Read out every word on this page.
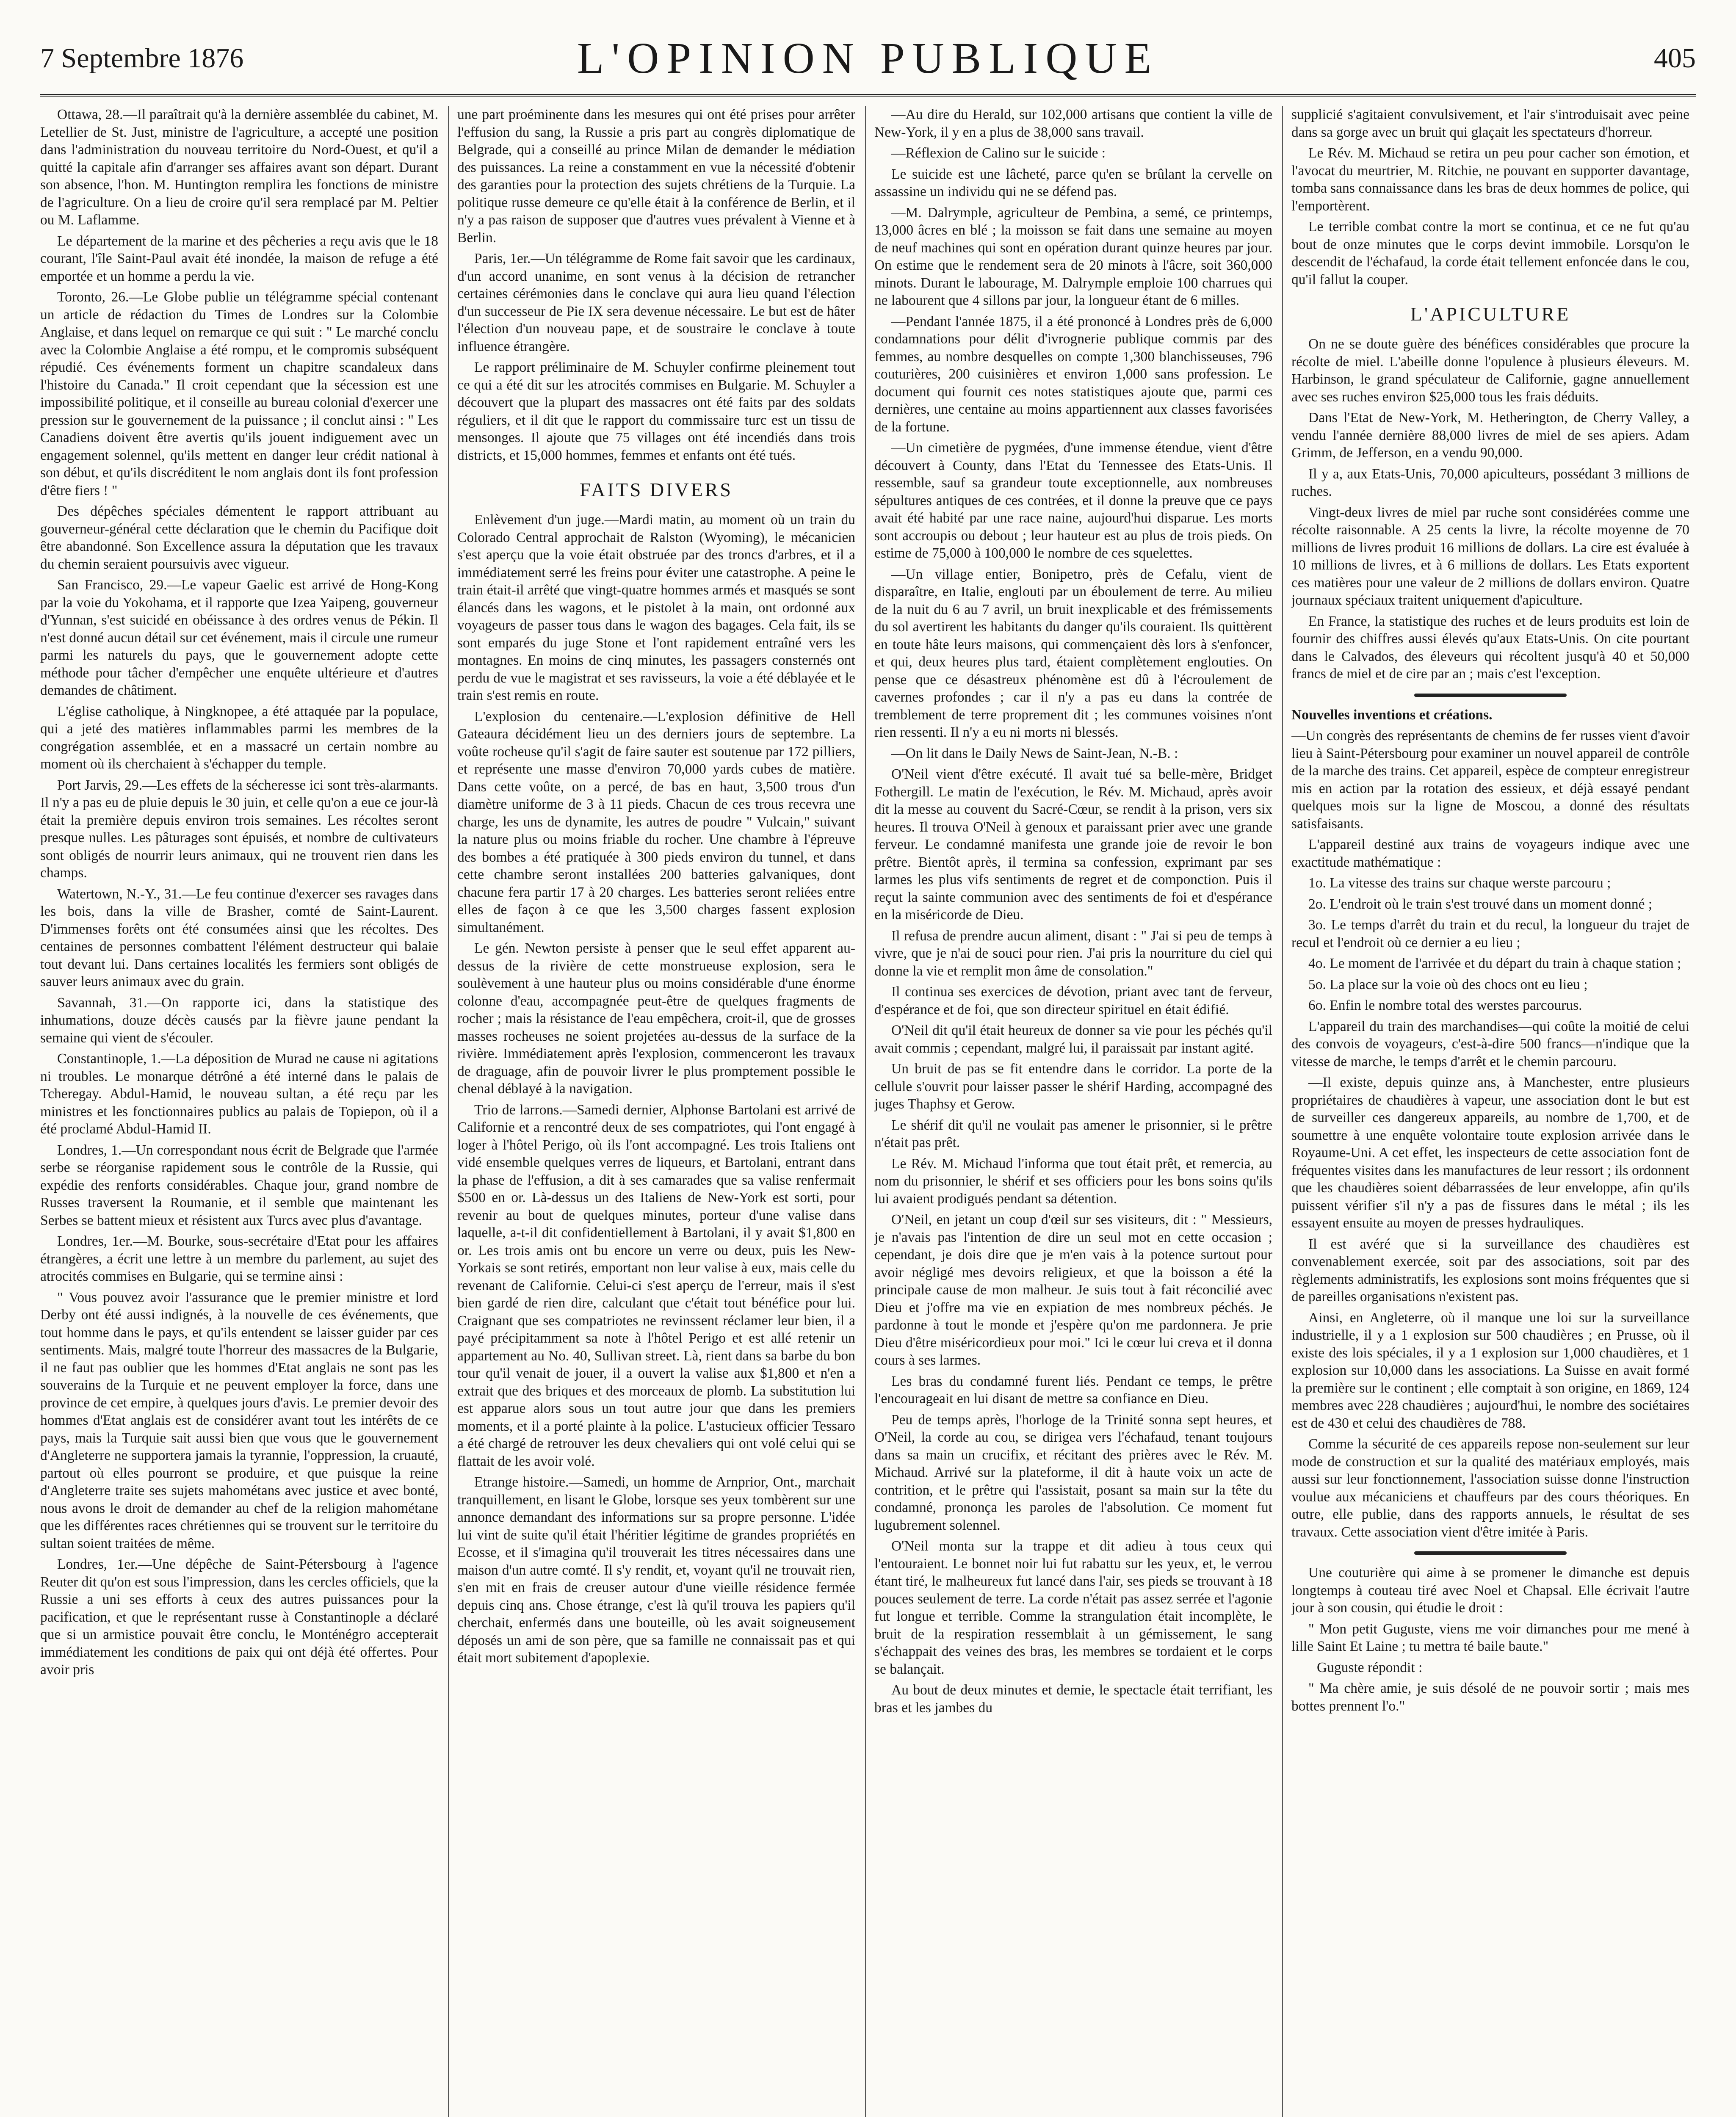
7 Septembre 1876	L'OPINION PUBLIQUE	405

Ottawa, 28.—Il paraîtrait qu'à la dernière assemblée du cabinet, M. Letellier de St. Just, ministre de l'agriculture, a accepté une position dans l'administration du nouveau territoire du Nord-Ouest, et qu'il a quitté la capitale afin d'arranger ses affaires avant son départ. Durant son absence, l'hon. M. Huntington remplira les fonctions de ministre de l'agriculture. On a lieu de croire qu'il sera remplacé par M. Peltier ou M. Laflamme.

Le département de la marine et des pêcheries a reçu avis que le 18 courant, l'île Saint-Paul avait été inondée, la maison de refuge a été emportée et un homme a perdu la vie.

Toronto, 26.—Le Globe publie un télégramme spécial contenant un article de rédaction du Times de Londres sur la Colombie Anglaise, et dans lequel on remarque ce qui suit : " Le marché conclu avec la Colombie Anglaise a été rompu, et le compromis subséquent répudié. Ces événements forment un chapitre scandaleux dans l'histoire du Canada." Il croit cependant que la sécession est une impossibilité politique, et il conseille au bureau colonial d'exercer une pression sur le gouvernement de la puissance ; il conclut ainsi : " Les Canadiens doivent être avertis qu'ils jouent indiguement avec un engagement solennel, qu'ils mettent en danger leur crédit national à son début, et qu'ils discréditent le nom anglais dont ils font profession d'être fiers ! "

Des dépêches spéciales démentent le rapport attribuant au gouverneur-général cette déclaration que le chemin du Pacifique doit être abandonné. Son Excellence assura la députation que les travaux du chemin seraient poursuivis avec vigueur.

San Francisco, 29.—Le vapeur Gaelic est arrivé de Hong-Kong par la voie du Yokohama, et il rapporte que Izea Yaipeng, gouverneur d'Yunnan, s'est suicidé en obéissance à des ordres venus de Pékin. Il n'est donné aucun détail sur cet événement, mais il circule une rumeur parmi les naturels du pays, que le gouvernement adopte cette méthode pour tâcher d'empêcher une enquête ultérieure et d'autres demandes de châtiment.

L'église catholique, à Ningknopee, a été attaquée par la populace, qui a jeté des matières inflammables parmi les membres de la congrégation assemblée, et en a massacré un certain nombre au moment où ils cherchaient à s'échapper du temple.

Port Jarvis, 29.—Les effets de la sécheresse ici sont très-alarmants. Il n'y a pas eu de pluie depuis le 30 juin, et celle qu'on a eue ce jour-là était la première depuis environ trois semaines. Les récoltes seront presque nulles. Les pâturages sont épuisés, et nombre de cultivateurs sont obligés de nourrir leurs animaux, qui ne trouvent rien dans les champs.

Watertown, N.-Y., 31.—Le feu continue d'exercer ses ravages dans les bois, dans la ville de Brasher, comté de Saint-Laurent. D'immenses forêts ont été consumées ainsi que les récoltes. Des centaines de personnes combattent l'élément destructeur qui balaie tout devant lui. Dans certaines localités les fermiers sont obligés de sauver leurs animaux avec du grain.

Savannah, 31.—On rapporte ici, dans la statistique des inhumations, douze décès causés par la fièvre jaune pendant la semaine qui vient de s'écouler.

Constantinople, 1.—La déposition de Murad ne cause ni agitations ni troubles. Le monarque détrôné a été interné dans le palais de Tcheregay. Abdul-Hamid, le nouveau sultan, a été reçu par les ministres et les fonctionnaires publics au palais de Topiepon, où il a été proclamé Abdul-Hamid II.

Londres, 1.—Un correspondant nous écrit de Belgrade que l'armée serbe se réorganise rapidement sous le contrôle de la Russie, qui expédie des renforts considérables. Chaque jour, grand nombre de Russes traversent la Roumanie, et il semble que maintenant les Serbes se battent mieux et résistent aux Turcs avec plus d'avantage.

Londres, 1er.—M. Bourke, sous-secrétaire d'Etat pour les affaires étrangères, a écrit une lettre à un membre du parlement, au sujet des atrocités commises en Bulgarie, qui se termine ainsi :

" Vous pouvez avoir l'assurance que le premier ministre et lord Derby ont été aussi indignés, à la nouvelle de ces événements, que tout homme dans le pays, et qu'ils entendent se laisser guider par ces sentiments. Mais, malgré toute l'horreur des massacres de la Bulgarie, il ne faut pas oublier que les hommes d'Etat anglais ne sont pas les souverains de la Turquie et ne peuvent employer la force, dans une province de cet empire, à quelques jours d'avis. Le premier devoir des hommes d'Etat anglais est de considérer avant tout les intérêts de ce pays, mais la Turquie sait aussi bien que vous que le gouvernement d'Angleterre ne supportera jamais la tyrannie, l'oppression, la cruauté, partout où elles pourront se produire, et que puisque la reine d'Angleterre traite ses sujets mahométans avec justice et avec bonté, nous avons le droit de demander au chef de la religion mahométane que les différentes races chrétiennes qui se trouvent sur le territoire du sultan soient traitées de même.

Londres, 1er.—Une dépêche de Saint-Pétersbourg à l'agence Reuter dit qu'on est sous l'impression, dans les cercles officiels, que la Russie a uni ses efforts à ceux des autres puissances pour la pacification, et que le représentant russe à Constantinople a déclaré que si un armistice pouvait être conclu, le Monténégro accepterait immédiatement les conditions de paix qui ont déjà été offertes. Pour avoir pris

une part proéminente dans les mesures qui ont été prises pour arrêter l'effusion du sang, la Russie a pris part au congrès diplomatique de Belgrade, qui a conseillé au prince Milan de demander le médiation des puissances. La reine a constamment en vue la nécessité d'obtenir des garanties pour la protection des sujets chrétiens de la Turquie. La politique russe demeure ce qu'elle était à la conférence de Berlin, et il n'y a pas raison de supposer que d'autres vues prévalent à Vienne et à Berlin.

Paris, 1er.—Un télégramme de Rome fait savoir que les cardinaux, d'un accord unanime, en sont venus à la décision de retrancher certaines cérémonies dans le conclave qui aura lieu quand l'élection d'un successeur de Pie IX sera devenue nécessaire. Le but est de hâter l'élection d'un nouveau pape, et de soustraire le conclave à toute influence étrangère.

Le rapport préliminaire de M. Schuyler confirme pleinement tout ce qui a été dit sur les atrocités commises en Bulgarie. M. Schuyler a découvert que la plupart des massacres ont été faits par des soldats réguliers, et il dit que le rapport du commissaire turc est un tissu de mensonges. Il ajoute que 75 villages ont été incendiés dans trois districts, et 15,000 hommes, femmes et enfants ont été tués.

FAITS DIVERS

Enlèvement d'un juge.—Mardi matin, au moment où un train du Colorado Central approchait de Ralston (Wyoming), le mécanicien s'est aperçu que la voie était obstruée par des troncs d'arbres, et il a immédiatement serré les freins pour éviter une catastrophe. A peine le train était-il arrêté que vingt-quatre hommes armés et masqués se sont élancés dans les wagons, et le pistolet à la main, ont ordonné aux voyageurs de passer tous dans le wagon des bagages. Cela fait, ils se sont emparés du juge Stone et l'ont rapidement entraîné vers les montagnes. En moins de cinq minutes, les passagers consternés ont perdu de vue le magistrat et ses ravisseurs, la voie a été déblayée et le train s'est remis en route.

L'explosion du centenaire.—L'explosion définitive de Hell Gateaura décidément lieu un des derniers jours de septembre. La voûte rocheuse qu'il s'agit de faire sauter est soutenue par 172 pilliers, et représente une masse d'environ 70,000 yards cubes de matière. Dans cette voûte, on a percé, de bas en haut, 3,500 trous d'un diamètre uniforme de 3 à 11 pieds. Chacun de ces trous recevra une charge, les uns de dynamite, les autres de poudre " Vulcain," suivant la nature plus ou moins friable du rocher. Une chambre à l'épreuve des bombes a été pratiquée à 300 pieds environ du tunnel, et dans cette chambre seront installées 200 batteries galvaniques, dont chacune fera partir 17 à 20 charges. Les batteries seront reliées entre elles de façon à ce que les 3,500 charges fassent explosion simultanément.

Le gén. Newton persiste à penser que le seul effet apparent au-dessus de la rivière de cette monstrueuse explosion, sera le soulèvement à une hauteur plus ou moins considérable d'une énorme colonne d'eau, accompagnée peut-être de quelques fragments de rocher ; mais la résistance de l'eau empêchera, croit-il, que de grosses masses rocheuses ne soient projetées au-dessus de la surface de la rivière. Immédiatement après l'explosion, commenceront les travaux de draguage, afin de pouvoir livrer le plus promptement possible le chenal déblayé à la navigation.

Trio de larrons.—Samedi dernier, Alphonse Bartolani est arrivé de Californie et a rencontré deux de ses compatriotes, qui l'ont engagé à loger à l'hôtel Perigo, où ils l'ont accompagné. Les trois Italiens ont vidé ensemble quelques verres de liqueurs, et Bartolani, entrant dans la phase de l'effusion, a dit à ses camarades que sa valise renfermait $500 en or. Là-dessus un des Italiens de New-York est sorti, pour revenir au bout de quelques minutes, porteur d'une valise dans laquelle, a-t-il dit confidentiellement à Bartolani, il y avait $1,800 en or. Les trois amis ont bu encore un verre ou deux, puis les New-Yorkais se sont retirés, emportant non leur valise à eux, mais celle du revenant de Californie. Celui-ci s'est aperçu de l'erreur, mais il s'est bien gardé de rien dire, calculant que c'était tout bénéfice pour lui. Craignant que ses compatriotes ne revinssent réclamer leur bien, il a payé précipitamment sa note à l'hôtel Perigo et est allé retenir un appartement au No. 40, Sullivan street. Là, rient dans sa barbe du bon tour qu'il venait de jouer, il a ouvert la valise aux $1,800 et n'en a extrait que des briques et des morceaux de plomb. La substitution lui est apparue alors sous un tout autre jour que dans les premiers moments, et il a porté plainte à la police. L'astucieux officier Tessaro a été chargé de retrouver les deux chevaliers qui ont volé celui qui se flattait de les avoir volé.

Etrange histoire.—Samedi, un homme de Arnprior, Ont., marchait tranquillement, en lisant le Globe, lorsque ses yeux tombèrent sur une annonce demandant des informations sur sa propre personne. L'idée lui vint de suite qu'il était l'héritier légitime de grandes propriétés en Ecosse, et il s'imagina qu'il trouverait les titres nécessaires dans une maison d'un autre comté. Il s'y rendit, et, voyant qu'il ne trouvait rien, s'en mit en frais de creuser autour d'une vieille résidence fermée depuis cinq ans. Chose étrange, c'est là qu'il trouva les papiers qu'il cherchait, enfermés dans une bouteille, où les avait soigneusement déposés un ami de son père, que sa famille ne connaissait pas et qui était mort subitement d'apoplexie.

—Au dire du Herald, sur 102,000 artisans que contient la ville de New-York, il y en a plus de 38,000 sans travail.

—Réflexion de Calino sur le suicide :

Le suicide est une lâcheté, parce qu'en se brûlant la cervelle on assassine un individu qui ne se défend pas.

—M. Dalrymple, agriculteur de Pembina, a semé, ce printemps, 13,000 âcres en blé ; la moisson se fait dans une semaine au moyen de neuf machines qui sont en opération durant quinze heures par jour. On estime que le rendement sera de 20 minots à l'âcre, soit 360,000 minots. Durant le labourage, M. Dalrymple emploie 100 charrues qui ne labourent que 4 sillons par jour, la longueur étant de 6 milles.

—Pendant l'année 1875, il a été prononcé à Londres près de 6,000 condamnations pour délit d'ivrognerie publique commis par des femmes, au nombre desquelles on compte 1,300 blanchisseuses, 796 couturières, 200 cuisinières et environ 1,000 sans profession. Le document qui fournit ces notes statistiques ajoute que, parmi ces dernières, une centaine au moins appartiennent aux classes favorisées de la fortune.

—Un cimetière de pygmées, d'une immense étendue, vient d'être découvert à County, dans l'Etat du Tennessee des Etats-Unis. Il ressemble, sauf sa grandeur toute exceptionnelle, aux nombreuses sépultures antiques de ces contrées, et il donne la preuve que ce pays avait été habité par une race naine, aujourd'hui disparue. Les morts sont accroupis ou debout ; leur hauteur est au plus de trois pieds. On estime de 75,000 à 100,000 le nombre de ces squelettes.

—Un village entier, Bonipetro, près de Cefalu, vient de disparaître, en Italie, englouti par un éboulement de terre. Au milieu de la nuit du 6 au 7 avril, un bruit inexplicable et des frémissements du sol avertirent les habitants du danger qu'ils couraient. Ils quittèrent en toute hâte leurs maisons, qui commençaient dès lors à s'enfoncer, et qui, deux heures plus tard, étaient complètement englouties. On pense que ce désastreux phénomène est dû à l'écroulement de cavernes profondes ; car il n'y a pas eu dans la contrée de tremblement de terre proprement dit ; les communes voisines n'ont rien ressenti. Il n'y a eu ni morts ni blessés.

—On lit dans le Daily News de Saint-Jean, N.-B. :

O'Neil vient d'être exécuté. Il avait tué sa belle-mère, Bridget Fothergill. Le matin de l'exécution, le Rév. M. Michaud, après avoir dit la messe au couvent du Sacré-Cœur, se rendit à la prison, vers six heures. Il trouva O'Neil à genoux et paraissant prier avec une grande ferveur. Le condamné manifesta une grande joie de revoir le bon prêtre. Bientôt après, il termina sa confession, exprimant par ses larmes les plus vifs sentiments de regret et de componction. Puis il reçut la sainte communion avec des sentiments de foi et d'espérance en la miséricorde de Dieu.

Il refusa de prendre aucun aliment, disant : " J'ai si peu de temps à vivre, que je n'ai de souci pour rien. J'ai pris la nourriture du ciel qui donne la vie et remplit mon âme de consolation."

Il continua ses exercices de dévotion, priant avec tant de ferveur, d'espérance et de foi, que son directeur spirituel en était édifié.

O'Neil dit qu'il était heureux de donner sa vie pour les péchés qu'il avait commis ; cependant, malgré lui, il paraissait par instant agité.

Un bruit de pas se fit entendre dans le corridor. La porte de la cellule s'ouvrit pour laisser passer le shérif Harding, accompagné des juges Thaphsy et Gerow.

Le shérif dit qu'il ne voulait pas amener le prisonnier, si le prêtre n'était pas prêt.

Le Rév. M. Michaud l'informa que tout était prêt, et remercia, au nom du prisonnier, le shérif et ses officiers pour les bons soins qu'ils lui avaient prodigués pendant sa détention.

O'Neil, en jetant un coup d'œil sur ses visiteurs, dit : " Messieurs, je n'avais pas l'intention de dire un seul mot en cette occasion ; cependant, je dois dire que je m'en vais à la potence surtout pour avoir négligé mes devoirs religieux, et que la boisson a été la principale cause de mon malheur. Je suis tout à fait réconcilié avec Dieu et j'offre ma vie en expiation de mes nombreux péchés. Je pardonne à tout le monde et j'espère qu'on me pardonnera. Je prie Dieu d'être miséricordieux pour moi." Ici le cœur lui creva et il donna cours à ses larmes.

Les bras du condamné furent liés. Pendant ce temps, le prêtre l'encourageait en lui disant de mettre sa confiance en Dieu.

Peu de temps après, l'horloge de la Trinité sonna sept heures, et O'Neil, la corde au cou, se dirigea vers l'échafaud, tenant toujours dans sa main un crucifix, et récitant des prières avec le Rév. M. Michaud. Arrivé sur la plateforme, il dit à haute voix un acte de contrition, et le prêtre qui l'assistait, posant sa main sur la tête du condamné, prononça les paroles de l'absolution. Ce moment fut lugubrement solennel.

O'Neil monta sur la trappe et dit adieu à tous ceux qui l'entouraient. Le bonnet noir lui fut rabattu sur les yeux, et, le verrou étant tiré, le malheureux fut lancé dans l'air, ses pieds se trouvant à 18 pouces seulement de terre. La corde n'était pas assez serrée et l'agonie fut longue et terrible. Comme la strangulation était incomplète, le bruit de la respiration ressemblait à un gémissement, le sang s'échappait des veines des bras, les membres se tordaient et le corps se balançait.

Au bout de deux minutes et demie, le spectacle était terrifiant, les bras et les jambes du

supplicié s'agitaient convulsivement, et l'air s'introduisait avec peine dans sa gorge avec un bruit qui glaçait les spectateurs d'horreur.

Le Rév. M. Michaud se retira un peu pour cacher son émotion, et l'avocat du meurtrier, M. Ritchie, ne pouvant en supporter davantage, tomba sans connaissance dans les bras de deux hommes de police, qui l'emportèrent.

Le terrible combat contre la mort se continua, et ce ne fut qu'au bout de onze minutes que le corps devint immobile. Lorsqu'on le descendit de l'échafaud, la corde était tellement enfoncée dans le cou, qu'il fallut la couper.

L'APICULTURE

On ne se doute guère des bénéfices considérables que procure la récolte de miel. L'abeille donne l'opulence à plusieurs éleveurs. M. Harbinson, le grand spéculateur de Californie, gagne annuellement avec ses ruches environ $25,000 tous les frais déduits.

Dans l'Etat de New-York, M. Hetherington, de Cherry Valley, a vendu l'année dernière 88,000 livres de miel de ses apiers. Adam Grimm, de Jefferson, en a vendu 90,000.

Il y a, aux Etats-Unis, 70,000 apiculteurs, possédant 3 millions de ruches.

Vingt-deux livres de miel par ruche sont considérées comme une récolte raisonnable. A 25 cents la livre, la récolte moyenne de 70 millions de livres produit 16 millions de dollars. La cire est évaluée à 10 millions de livres, et à 6 millions de dollars. Les Etats exportent ces matières pour une valeur de 2 millions de dollars environ. Quatre journaux spéciaux traitent uniquement d'apiculture.

En France, la statistique des ruches et de leurs produits est loin de fournir des chiffres aussi élevés qu'aux Etats-Unis. On cite pourtant dans le Calvados, des éleveurs qui récoltent jusqu'à 40 et 50,000 francs de miel et de cire par an ; mais c'est l'exception.

Nouvelles inventions et créations.

—Un congrès des représentants de chemins de fer russes vient d'avoir lieu à Saint-Pétersbourg pour examiner un nouvel appareil de contrôle de la marche des trains. Cet appareil, espèce de compteur enregistreur mis en action par la rotation des essieux, et déjà essayé pendant quelques mois sur la ligne de Moscou, a donné des résultats satisfaisants.

L'appareil destiné aux trains de voyageurs indique avec une exactitude mathématique :

1o. La vitesse des trains sur chaque werste parcouru ;

2o. L'endroit où le train s'est trouvé dans un moment donné ;

3o. Le temps d'arrêt du train et du recul, la longueur du trajet de recul et l'endroit où ce dernier a eu lieu ;

4o. Le moment de l'arrivée et du départ du train à chaque station ;

5o. La place sur la voie où des chocs ont eu lieu ;

6o. Enfin le nombre total des werstes parcourus.

L'appareil du train des marchandises—qui coûte la moitié de celui des convois de voyageurs, c'est-à-dire 500 francs—n'indique que la vitesse de marche, le temps d'arrêt et le chemin parcouru.

—Il existe, depuis quinze ans, à Manchester, entre plusieurs propriétaires de chaudières à vapeur, une association dont le but est de surveiller ces dangereux appareils, au nombre de 1,700, et de soumettre à une enquête volontaire toute explosion arrivée dans le Royaume-Uni. A cet effet, les inspecteurs de cette association font de fréquentes visites dans les manufactures de leur ressort ; ils ordonnent que les chaudières soient débarrassées de leur enveloppe, afin qu'ils puissent vérifier s'il n'y a pas de fissures dans le métal ; ils les essayent ensuite au moyen de presses hydrauliques.

Il est avéré que si la surveillance des chaudières est convenablement exercée, soit par des associations, soit par des règlements administratifs, les explosions sont moins fréquentes que si de pareilles organisations n'existent pas.

Ainsi, en Angleterre, où il manque une loi sur la surveillance industrielle, il y a 1 explosion sur 500 chaudières ; en Prusse, où il existe des lois spéciales, il y a 1 explosion sur 1,000 chaudières, et 1 explosion sur 10,000 dans les associations. La Suisse en avait formé la première sur le continent ; elle comptait à son origine, en 1869, 124 membres avec 228 chaudières ; aujourd'hui, le nombre des sociétaires est de 430 et celui des chaudières de 788.

Comme la sécurité de ces appareils repose non-seulement sur leur mode de construction et sur la qualité des matériaux employés, mais aussi sur leur fonctionnement, l'association suisse donne l'instruction voulue aux mécaniciens et chauffeurs par des cours théoriques. En outre, elle publie, dans des rapports annuels, le résultat de ses travaux. Cette association vient d'être imitée à Paris.

Une couturière qui aime à se promener le dimanche est depuis longtemps à couteau tiré avec Noel et Chapsal. Elle écrivait l'autre jour à son cousin, qui étudie le droit :

" Mon petit Guguste, viens me voir dimanches pour me mené à lille Saint Et Laine ; tu mettra té baile baute."

Guguste répondit :

" Ma chère amie, je suis désolé de ne pouvoir sortir ; mais mes bottes prennent l'o."
